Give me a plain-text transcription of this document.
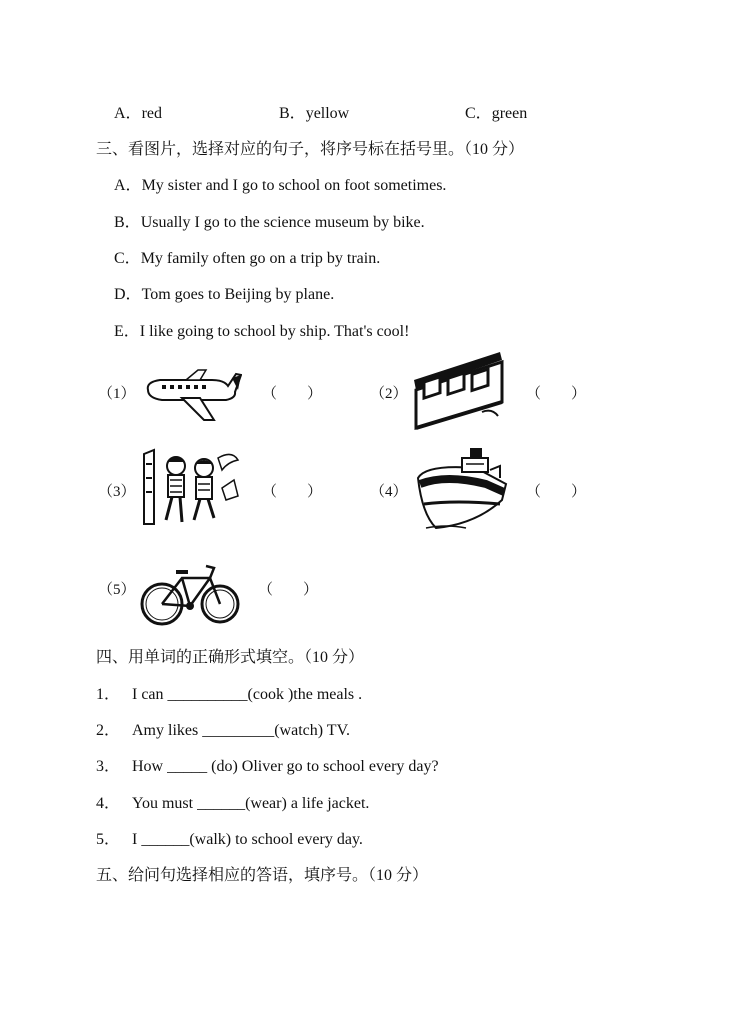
A．red	B．yellow	C．green
三、看图片，选择对应的句子，将序号标在括号里。（10 分）
A．My sister and I go to school on foot sometimes.
B．Usually I go to the science museum by bike.
C．My family often go on a trip by train.
D．Tom goes to Beijing by plane.
E．I like going to school by ship. That's cool!
（1）	（　　）	（2）	（　　）
（3）	（　　）	（4）	（　　）
（5）	（　　）
四、用单词的正确形式填空。（10 分）
1． I can __________(cook )the meals .
2． Amy likes _________(watch) TV.
3． How _____ (do) Oliver go to school every day?
4． You must ______(wear) a life jacket.
5． I ______(walk) to school every day.
五、给问句选择相应的答语，填序号。（10 分）
